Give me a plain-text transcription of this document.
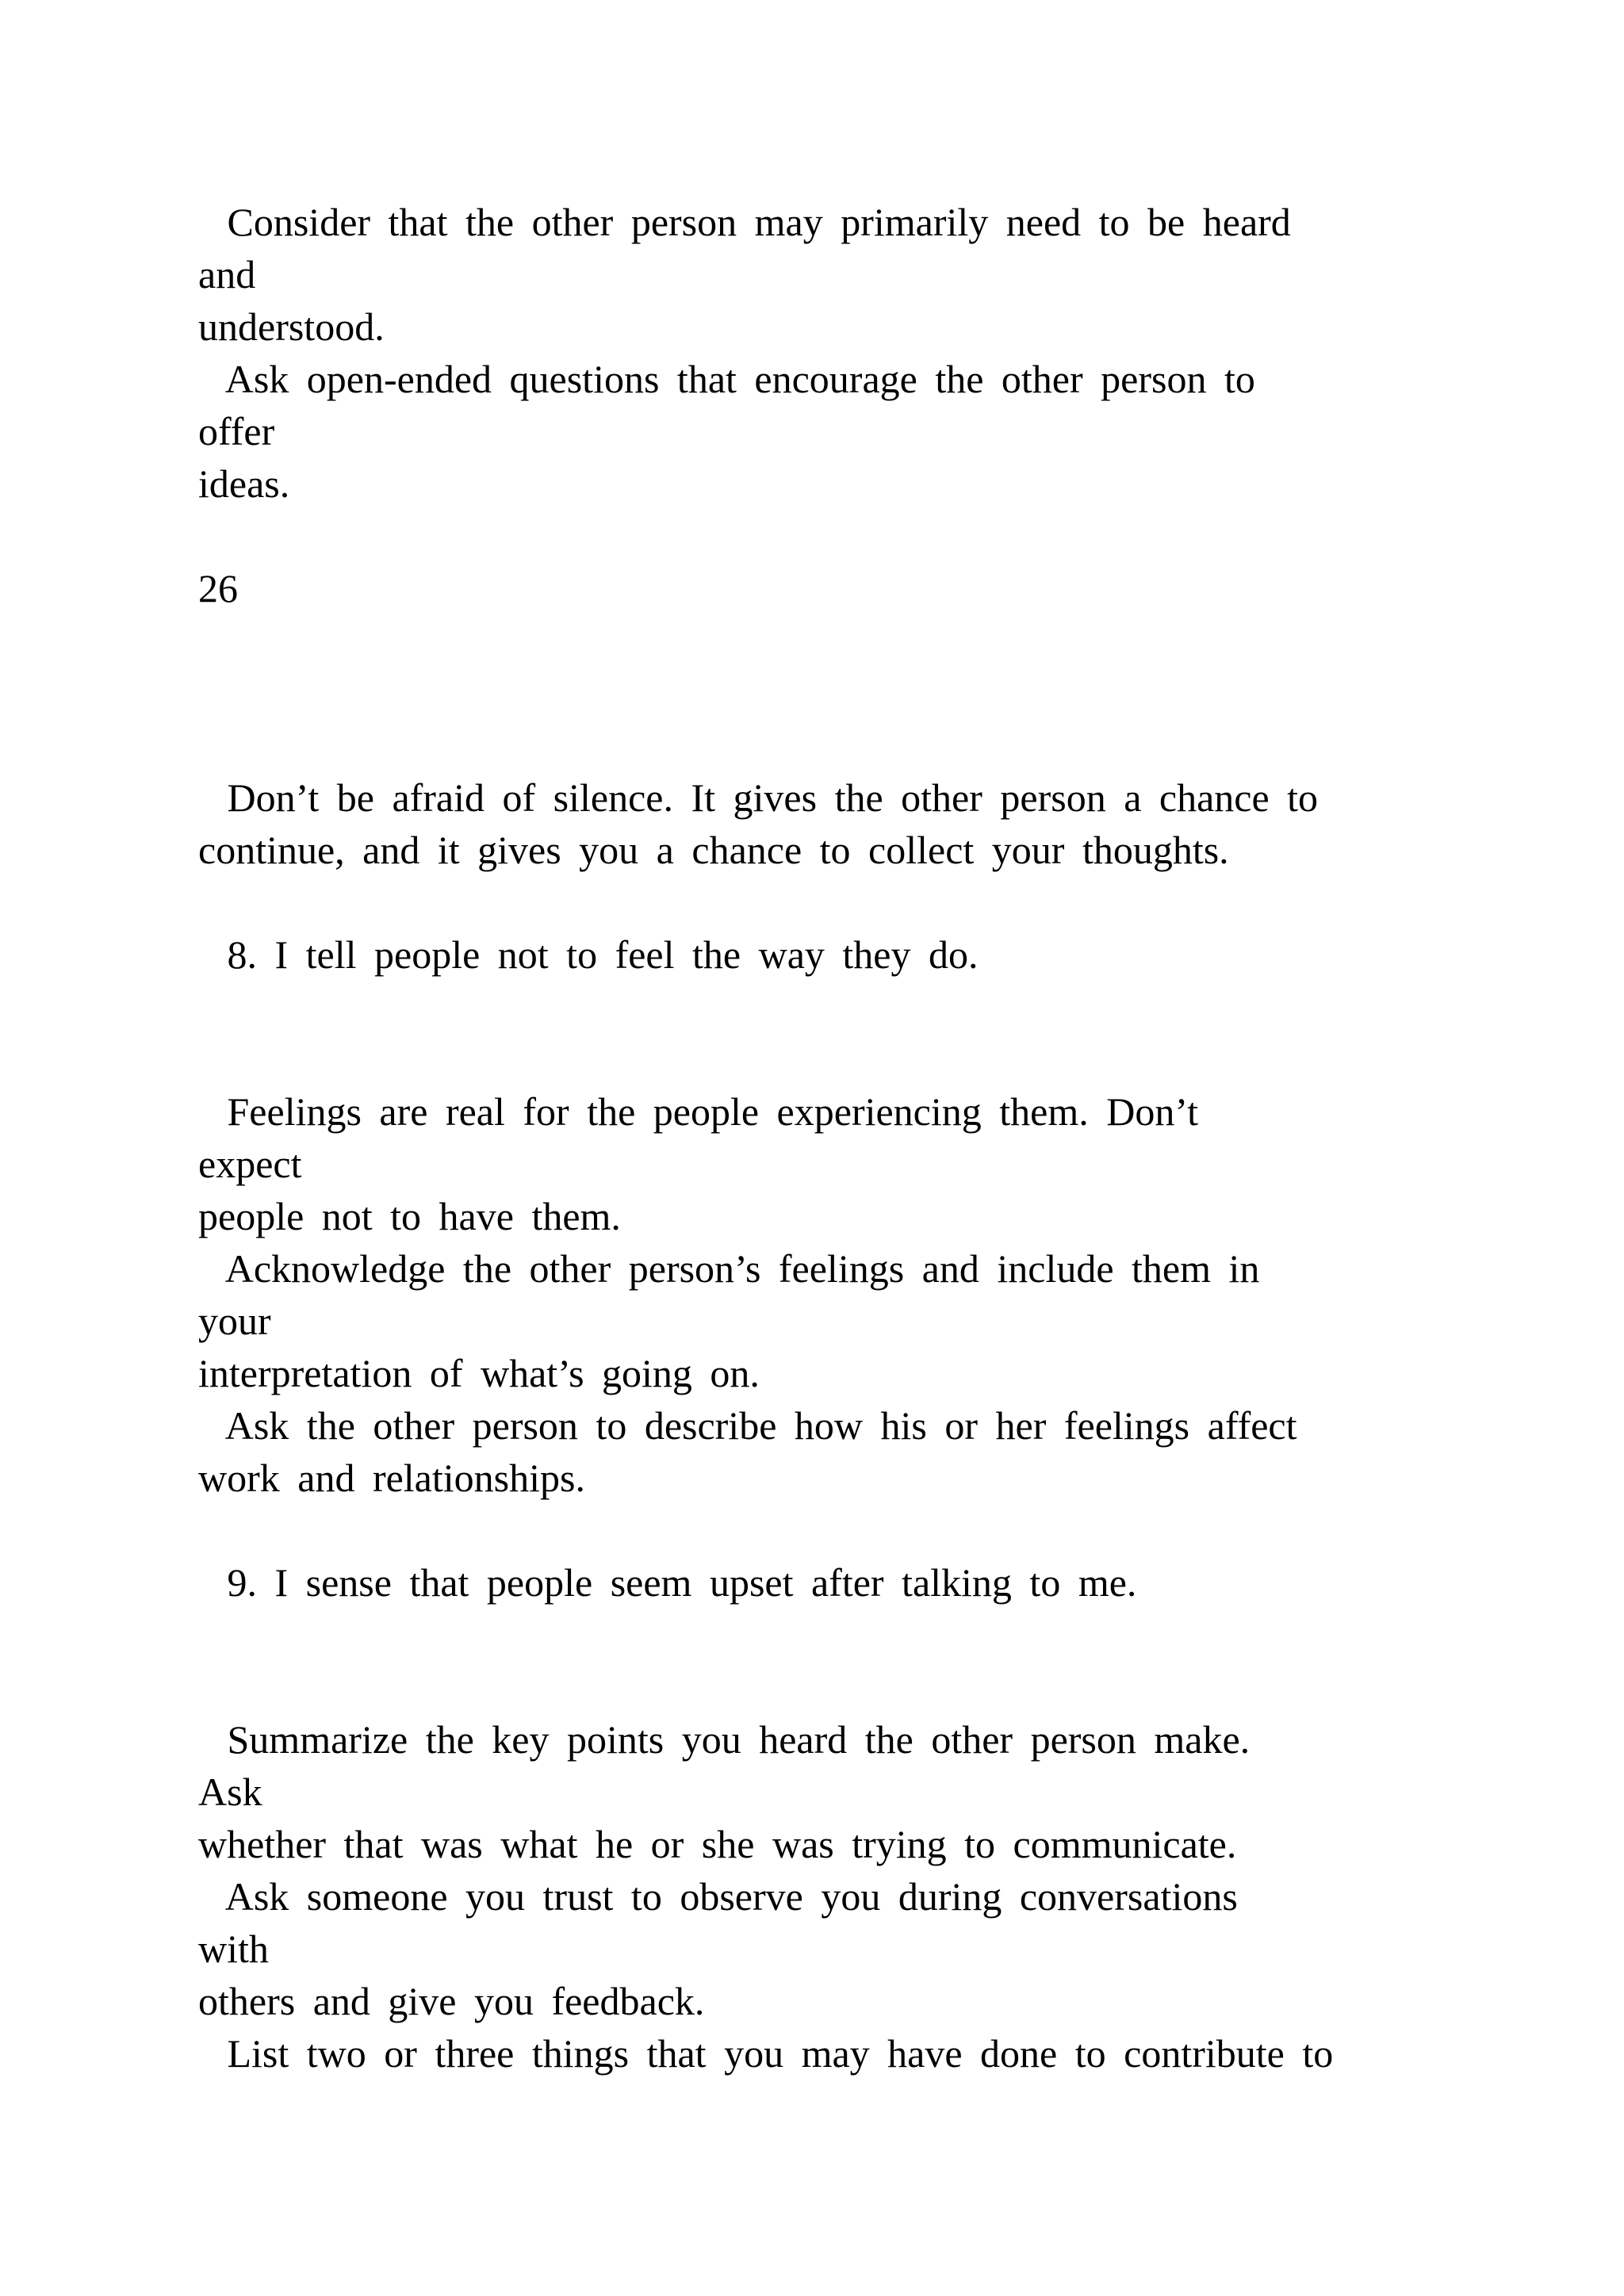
Consider that the other person may primarily need to be heard
and
understood.
Ask open-ended questions that encourage the other person to
offer
ideas.
26
Don’t be afraid of silence. It gives the other person a chance to
continue, and it gives you a chance to collect your thoughts.
8. I tell people not to feel the way they do.
Feelings are real for the people experiencing them. Don’t
expect
people not to have them.
Acknowledge the other person’s feelings and include them in
your
interpretation of what’s going on.
Ask the other person to describe how his or her feelings affect
work and relationships.
9. I sense that people seem upset after talking to me.
Summarize the key points you heard the other person make.
Ask
whether that was what he or she was trying to communicate.
Ask someone you trust to observe you during conversations
with
others and give you feedback.
List two or three things that you may have done to contribute to
